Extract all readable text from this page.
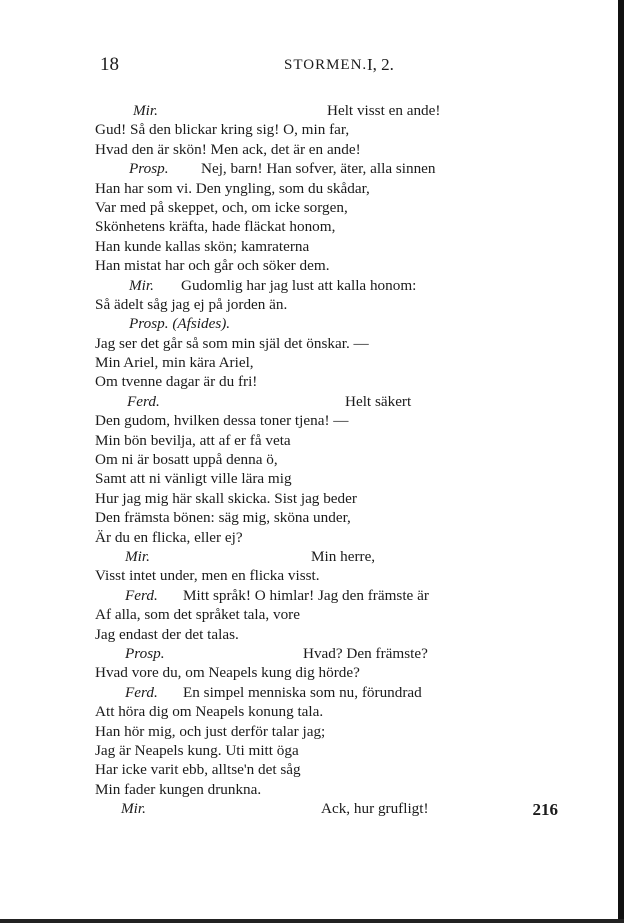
18	STORMEN. I, 2.
Mir.	Helt visst en ande!
Gud! Så den blickar kring sig! O, min far,
Hvad den är skön! Men ack, det är en ande!
Prosp. Nej, barn! Han sofver, äter, alla sinnen
Han har som vi. Den yngling, som du skådar,
Var med på skeppet, och, om icke sorgen,
Skönhetens kräfta, hade fläckat honom,
Han kunde kallas skön; kamraterna
Han mistat har och går och söker dem.
Mir. Gudomlig har jag lust att kalla honom:
Så ädelt såg jag ej på jorden än.
Prosp. (Afsides).
Jag ser det går så som min själ det önskar. —
Min Ariel, min kära Ariel,
Om tvenne dagar är du fri!
Ferd.	Helt säkert
Den gudom, hvilken dessa toner tjena! —
Min bön bevilja, att af er få veta
Om ni är bosatt uppå denna ö,
Samt att ni vänligt ville lära mig
Hur jag mig här skall skicka. Sist jag beder
Den främsta bönen: säg mig, sköna under,
Är du en flicka, eller ej?
Mir.	Min herre,
Visst intet under, men en flicka visst.
Ferd. Mitt språk! O himlar! Jag den främste är
Af alla, som det språket tala, vore
Jag endast der det talas.
Prosp.	Hvad? Den främste?
Hvad vore du, om Neapels kung dig hörde?
Ferd. En simpel menniska som nu, förundrad
Att höra dig om Neapels konung tala.
Han hör mig, och just derför talar jag;
Jag är Neapels kung. Uti mitt öga
Har icke varit ebb, alltse'n det såg
Min fader kungen drunkna.
Mir.	Ack, hur grufligt!	216
